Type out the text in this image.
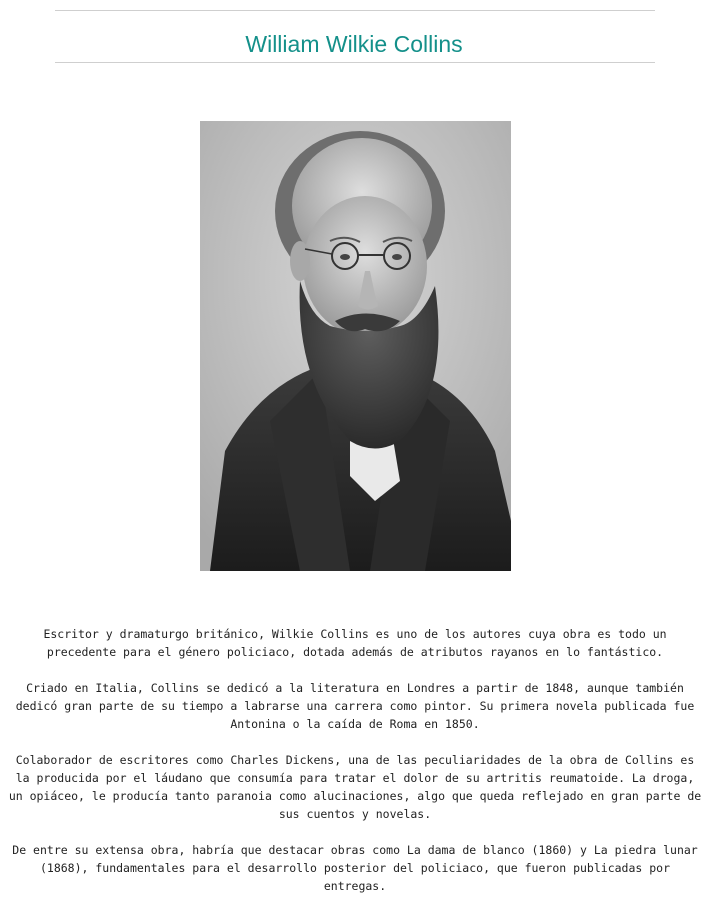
William Wilkie Collins

Escritor y dramaturgo británico, Wilkie Collins es uno de los autores cuya obra es todo un precedente para el género policiaco, dotada además de atributos rayanos en lo fantástico.

Criado en Italia, Collins se dedicó a la literatura en Londres a partir de 1848, aunque también dedicó gran parte de su tiempo a labrarse una carrera como pintor. Su primera novela publicada fue Antonina o la caída de Roma en 1850.

Colaborador de escritores como Charles Dickens, una de las peculiaridades de la obra de Collins es la producida por el láudano que consumía para tratar el dolor de su artritis reumatoide. La droga, un opiáceo, le producía tanto paranoia como alucinaciones, algo que queda reflejado en gran parte de sus cuentos y novelas.

De entre su extensa obra, habría que destacar obras como La dama de blanco (1860) y La piedra lunar (1868), fundamentales para el desarrollo posterior del policiaco, que fueron publicadas por entregas.
